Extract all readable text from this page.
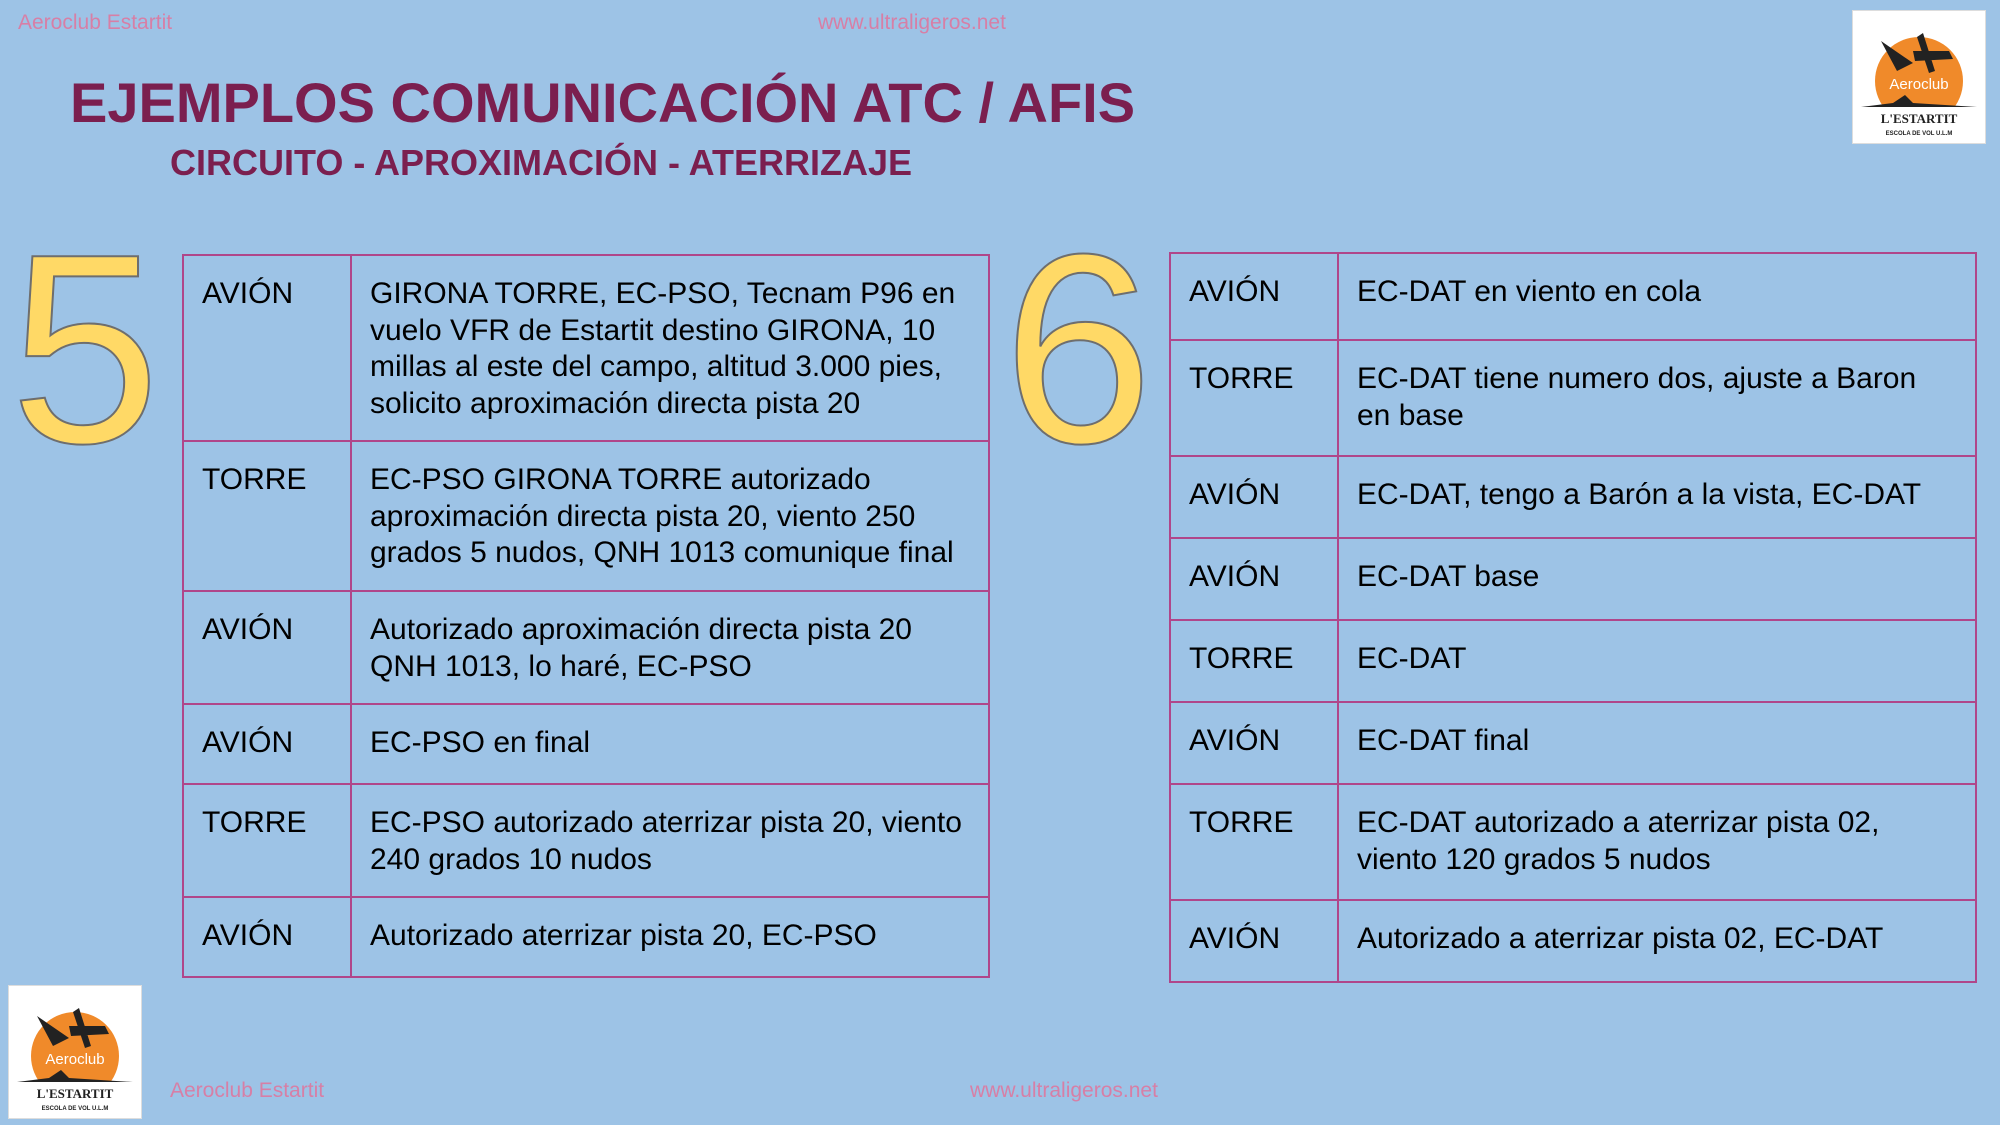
Aeroclub Estartit	www.ultraligeros.net
EJEMPLOS COMUNICACIÓN ATC / AFIS
CIRCUITO - APROXIMACIÓN - ATERRIZAJE
Aeroclub
L'ESTARTIT
ESCOLA DE VOL U.L.M
5 AVIÓN	GIRONA TORRE, EC-PSO, Tecnam P96 en vuelo VFR de Estartit destino GIRONA, 10 millas al este del campo, altitud 3.000 pies, solicito aproximación directa pista 20
TORRE	EC-PSO GIRONA TORRE autorizado aproximación directa pista 20, viento 250 grados 5 nudos, QNH 1013 comunique final
AVIÓN	Autorizado aproximación directa pista 20 QNH 1013, lo haré, EC-PSO
AVIÓN	EC-PSO en final
TORRE	EC-PSO autorizado aterrizar pista 20, viento 240 grados 10 nudos
AVIÓN	Autorizado aterrizar pista 20, EC-PSO
6 AVIÓN	EC-DAT en viento en cola
TORRE	EC-DAT tiene numero dos, ajuste a Baron en base
AVIÓN	EC-DAT, tengo a Barón a la vista, EC-DAT
AVIÓN	EC-DAT base
TORRE	EC-DAT
AVIÓN	EC-DAT final
TORRE	EC-DAT autorizado a aterrizar pista 02, viento 120 grados 5 nudos
AVIÓN	Autorizado a aterrizar pista 02, EC-DAT
Aeroclub
L'ESTARTIT
ESCOLA DE VOL U.L.M
Aeroclub Estartit	www.ultraligeros.net
